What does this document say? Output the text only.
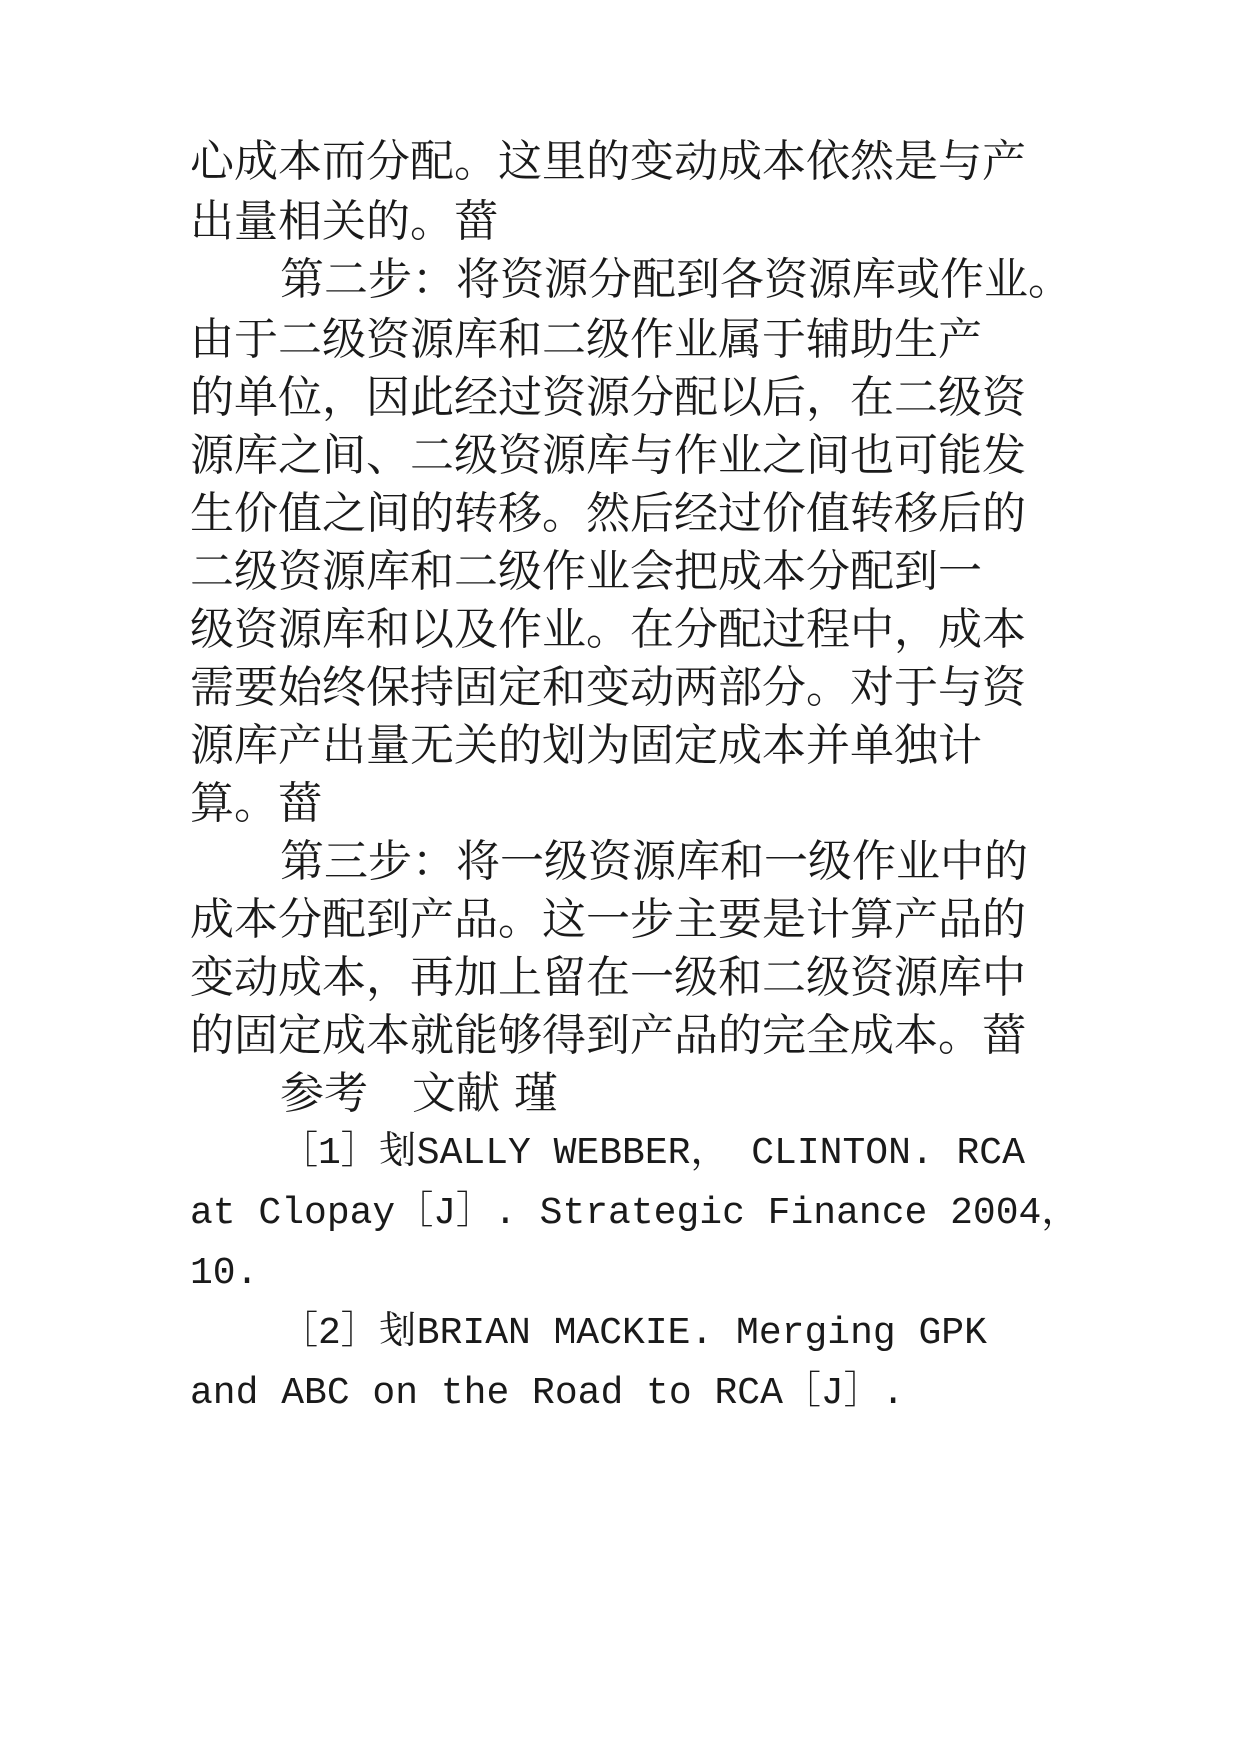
心成本而分配。这里的变动成本依然是与产
出量相关的。葘
第二步：将资源分配到各资源库或作业。
由于二级资源库和二级作业属于辅助生产
的单位，因此经过资源分配以后，在二级资
源库之间、二级资源库与作业之间也可能发
生价值之间的转移。然后经过价值转移后的
二级资源库和二级作业会把成本分配到一
级资源库和以及作业。在分配过程中，成本
需要始终保持固定和变动两部分。对于与资
源库产出量无关的划为固定成本并单独计
算。葘
第三步：将一级资源库和一级作业中的
成本分配到产品。这一步主要是计算产品的
变动成本，再加上留在一级和二级资源库中
的固定成本就能够得到产品的完全成本。葘
参考　文献 瑾
［1］刬SALLY WEBBER， CLINTON. RCA
at Clopay［J］. Strategic Finance 2004，
10.
［2］刬BRIAN MACKIE. Merging GPK
and ABC on the Road to RCA［J］.
